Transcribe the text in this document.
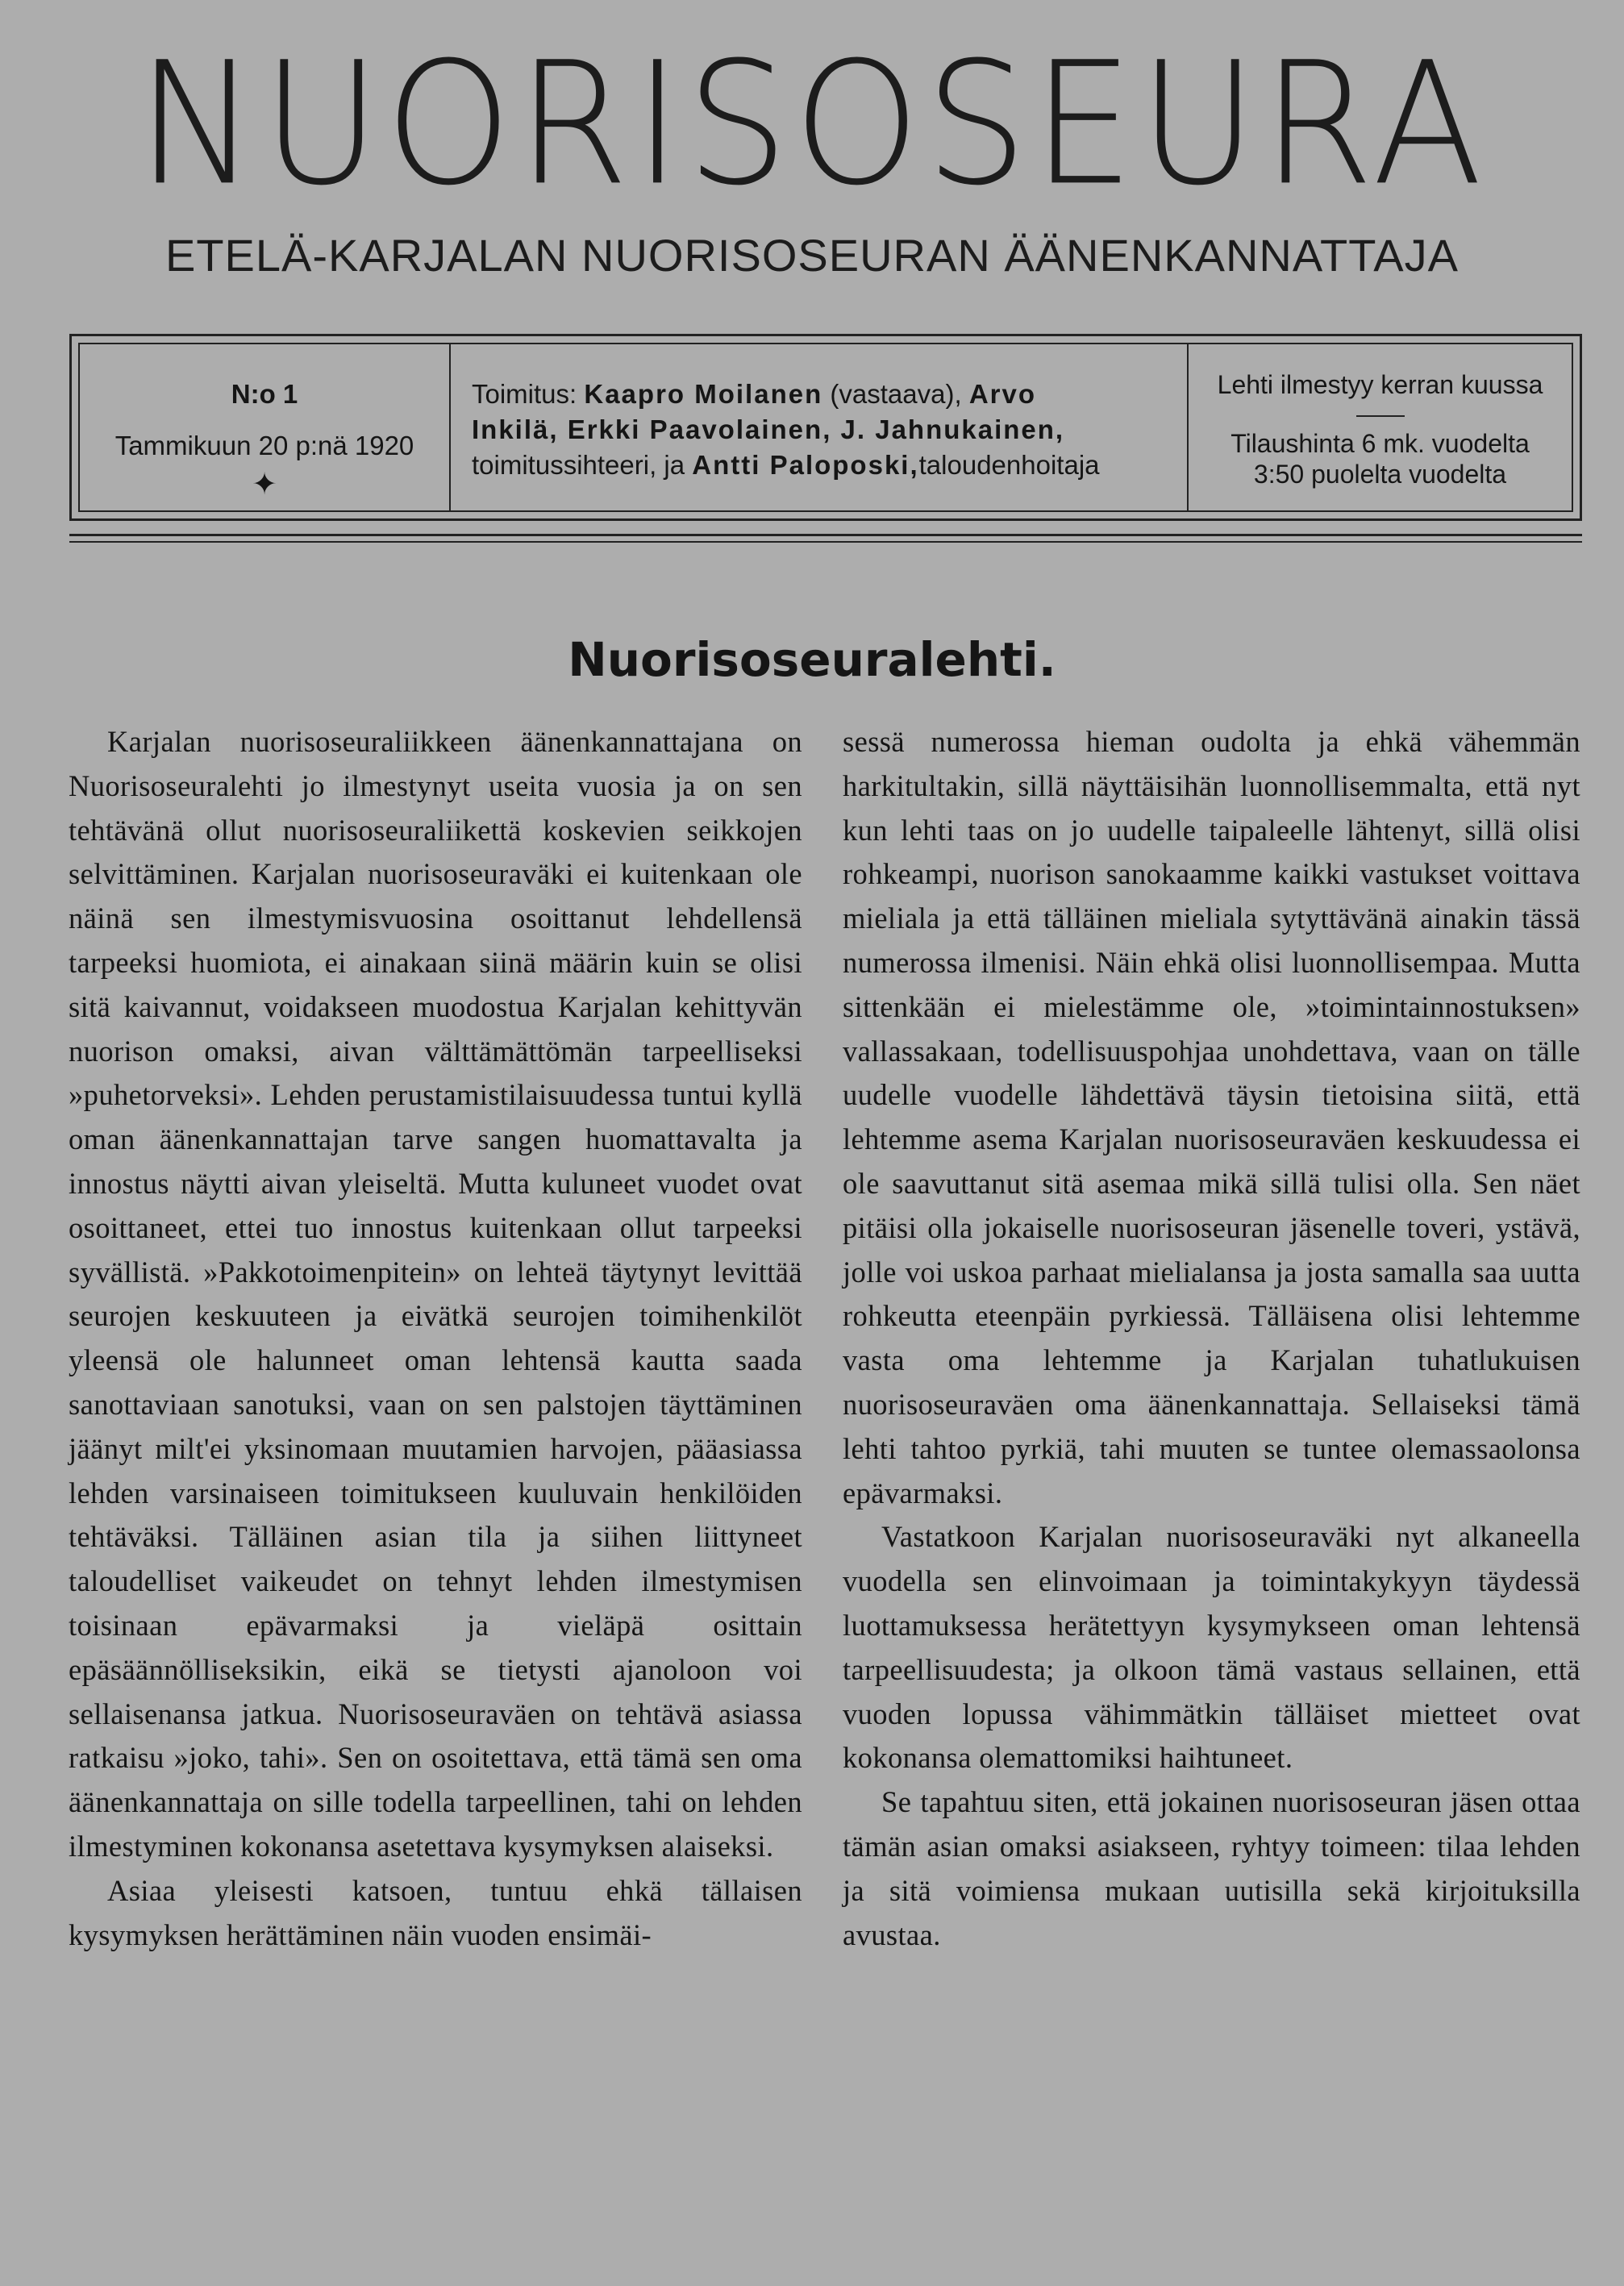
NUORISOSEURA
ETELÄ-KARJALAN NUORISOSEURAN ÄÄNENKANNATTAJA
N:o 1
Tammikuun 20 p:nä 1920
✦
Toimitus: Kaapro Moilanen (vastaava), Arvo
Inkilä, Erkki Paavolainen, J. Jahnukainen,
toimitussihteeri, ja Antti Paloposki,taloudenhoitaja
Lehti ilmestyy kerran kuussa
Tilaushinta 6 mk. vuodelta
3:50 puolelta vuodelta
Nuorisoseuralehti.

Karjalan nuorisoseuraliikkeen äänenkannattajana on Nuorisoseuralehti jo ilmestynyt useita vuosia ja on sen tehtävänä ollut nuorisoseuraliikettä koskevien seikkojen selvittäminen. Karjalan nuorisoseuraväki ei kuitenkaan ole näinä sen ilmestymisvuosina osoittanut lehdellensä tarpeeksi huomiota, ei ainakaan siinä määrin kuin se olisi sitä kaivannut, voidakseen muodostua Karjalan kehittyvän nuorison omaksi, aivan välttämättömän tarpeelliseksi »puhetorveksi». Lehden perustamistilaisuudessa tuntui kyllä oman äänenkannattajan tarve sangen huomattavalta ja innostus näytti aivan yleiseltä. Mutta kuluneet vuodet ovat osoittaneet, ettei tuo innostus kuitenkaan ollut tarpeeksi syvällistä. »Pakkotoimenpitein» on lehteä täytynyt levittää seurojen keskuuteen ja eivätkä seurojen toimihenkilöt yleensä ole halunneet oman lehtensä kautta saada sanottaviaan sanotuksi, vaan on sen palstojen täyttäminen jäänyt milt'ei yksinomaan muutamien harvojen, pääasiassa lehden varsinaiseen toimitukseen kuuluvain henkilöiden tehtäväksi. Tälläinen asian tila ja siihen liittyneet taloudelliset vaikeudet on tehnyt lehden ilmestymisen toisinaan epävarmaksi ja vieläpä osittain epäsäännölliseksikin, eikä se tietysti ajanoloon voi sellaisenansa jatkua. Nuorisoseuraväen on tehtävä asiassa ratkaisu »joko, tahi». Sen on osoitettava, että tämä sen oma äänenkannattaja on sille todella tarpeellinen, tahi on lehden ilmestyminen kokonansa asetettava kysymyksen alaiseksi.

Asiaa yleisesti katsoen, tuntuu ehkä tällaisen kysymyksen herättäminen näin vuoden ensimäi-

sessä numerossa hieman oudolta ja ehkä vähemmän harkitultakin, sillä näyttäisihän luonnollisemmalta, että nyt kun lehti taas on jo uudelle taipaleelle lähtenyt, sillä olisi rohkeampi, nuorison sanokaamme kaikki vastukset voittava mieliala ja että tälläinen mieliala sytyttävänä ainakin tässä numerossa ilmenisi. Näin ehkä olisi luonnollisempaa. Mutta sittenkään ei mielestämme ole, »toimintainnostuksen» vallassakaan, todellisuuspohjaa unohdettava, vaan on tälle uudelle vuodelle lähdettävä täysin tietoisina siitä, että lehtemme asema Karjalan nuorisoseuraväen keskuudessa ei ole saavuttanut sitä asemaa mikä sillä tulisi olla. Sen näet pitäisi olla jokaiselle nuorisoseuran jäsenelle toveri, ystävä, jolle voi uskoa parhaat mielialansa ja josta samalla saa uutta rohkeutta eteenpäin pyrkiessä. Tälläisena olisi lehtemme vasta oma lehtemme ja Karjalan tuhatlukuisen nuorisoseuraväen oma äänenkannattaja. Sellaiseksi tämä lehti tahtoo pyrkiä, tahi muuten se tuntee olemassaolonsa epävarmaksi.

Vastatkoon Karjalan nuorisoseuraväki nyt alkaneella vuodella sen elinvoimaan ja toimintakykyyn täydessä luottamuksessa herätettyyn kysymykseen oman lehtensä tarpeellisuudesta; ja olkoon tämä vastaus sellainen, että vuoden lopussa vähimmätkin tälläiset mietteet ovat kokonansa olemattomiksi haihtuneet.

Se tapahtuu siten, että jokainen nuorisoseuran jäsen ottaa tämän asian omaksi asiakseen, ryhtyy toimeen: tilaa lehden ja sitä voimiensa mukaan uutisilla sekä kirjoituksilla avustaa.
